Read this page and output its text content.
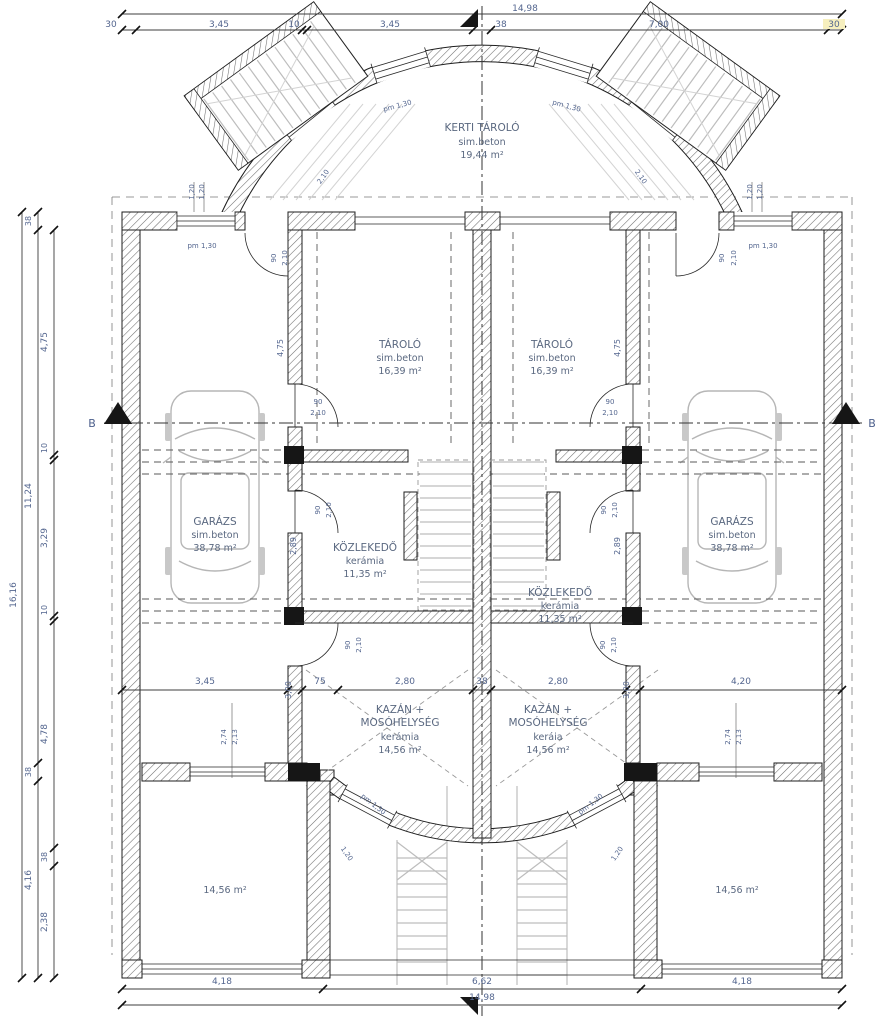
KERTI TÁROLÓ
sim.beton
19,44 m²
TÁROLÓ
sim.beton
16,39 m²
TÁROLÓ
sim.beton
16,39 m²
GARÁZS
sim.beton
38,78 m²
GARÁZS
sim.beton
38,78 m²
KÖZLEKEDŐ
kerámia
11,35 m²
KÖZLEKEDŐ
kerámia
11,35 m²
KAZÁN +
MOSÓHELYSÉG
kerámia
14,56 m²
KAZÁN +
MOSÓHELYSÉG
keráia
14,56 m²
14,56 m²	14,56 m²
14,98
30	3,45	10	3,45	38	7,00	30
16,16
38
11,24
38
4,16
4,75
10
3,29
10
4,78
38
2,38
3,45	75	2,80	38	2,80	4,20
3,00	3,00
4,18	6,62	4,18
14,98
pm 1,30	pm 1,30
pm 1,30	pm 1,30
pm 1,30	pm 1,30
1,20 1,20	1,20 1,20
1,20	1,20
2,74 2,13	2,74 2,13
4,75	4,75
2,89	2,89
90 2,10	90 2,10
90
2,10
90
2,10
90 2,10	90 2,10
90 2,10	90 2,10
2,10	2,10
B	B
